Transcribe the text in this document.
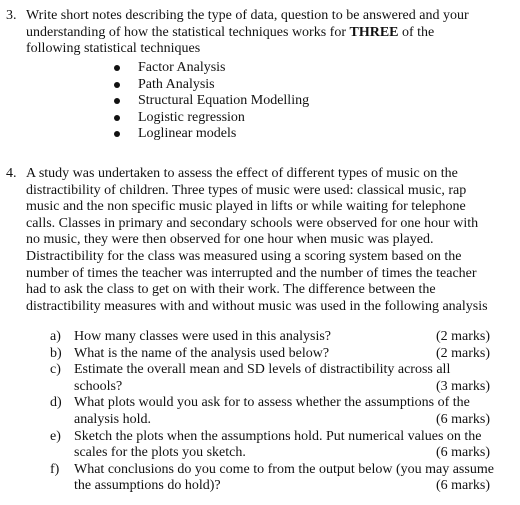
3. Write short notes describing the type of data, question to be answered and your
understanding of how the statistical techniques works for THREE of the
following statistical techniques
Factor Analysis
Path Analysis
Structural Equation Modelling
Logistic regression
Loglinear models
4. A study was undertaken to assess the effect of different types of music on the
distractibility of children. Three types of music were used: classical music, rap
music and the non specific music played in lifts or while waiting for telephone
calls. Classes in primary and secondary schools were observed for one hour with
no music, they were then observed for one hour when music was played.
Distractibility for the class was measured using a scoring system based on the
number of times the teacher was interrupted and the number of times the teacher
had to ask the class to get on with their work. The difference between the
distractibility measures with and without music was used in the following analysis
a) How many classes were used in this analysis?	(2 marks)
b) What is the name of the analysis used below?	(2 marks)
c) Estimate the overall mean and SD levels of distractibility across all
schools?	(3 marks)
d) What plots would you ask for to assess whether the assumptions of the
analysis hold.	(6 marks)
e) Sketch the plots when the assumptions hold. Put numerical values on the
scales for the plots you sketch.	(6 marks)
f) What conclusions do you come to from the output below (you may assume
the assumptions do hold)?	(6 marks)
